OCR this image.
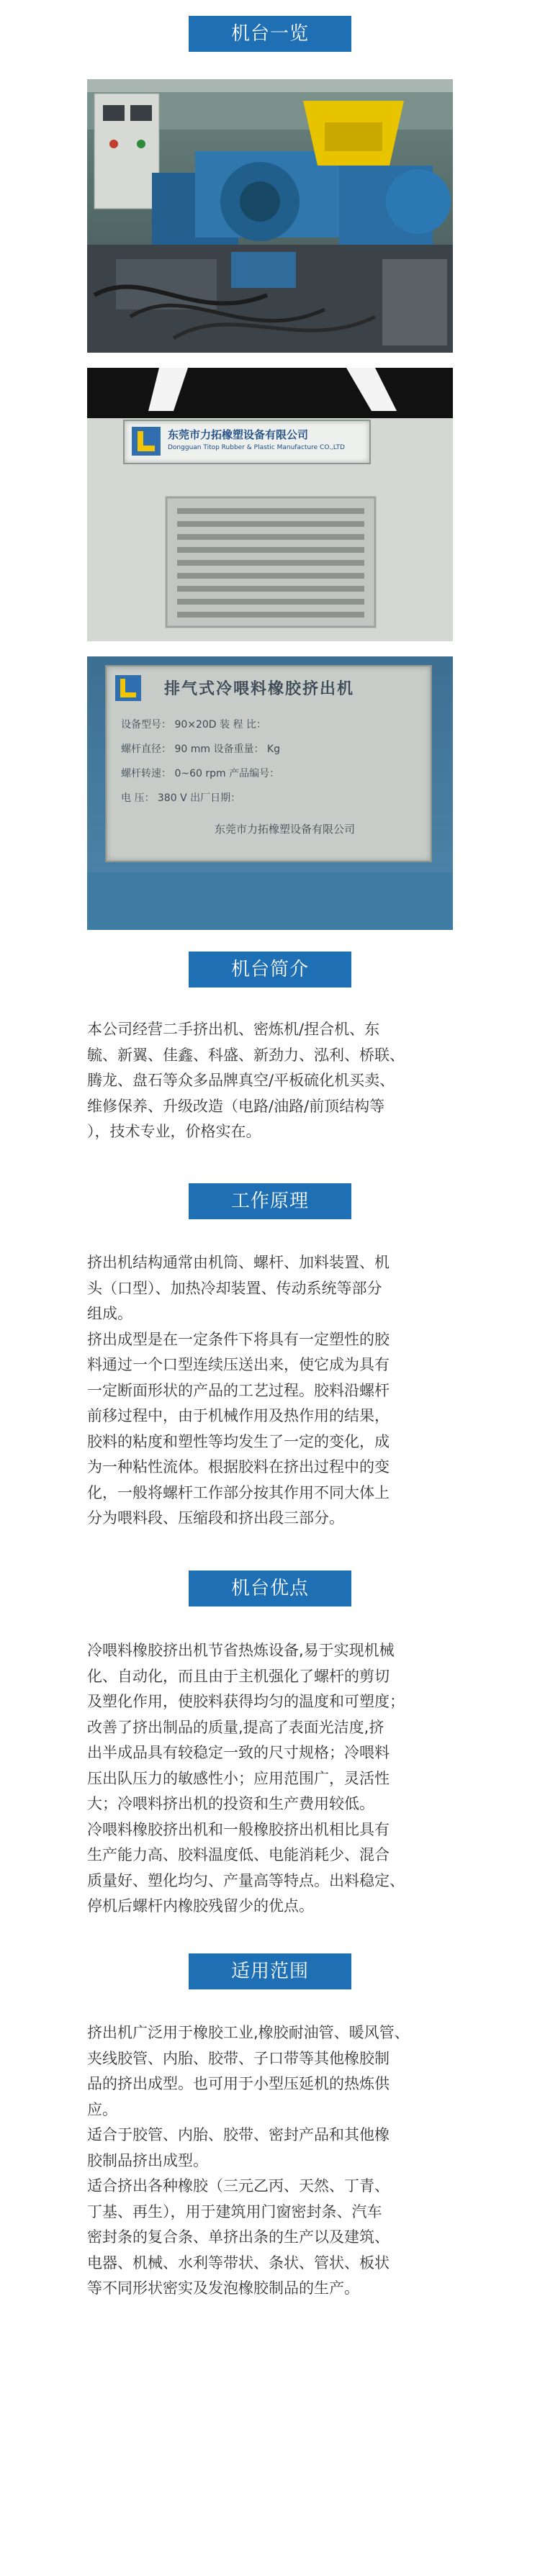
机台一览
东莞市力拓橡塑设备有限公司
Dongguan Titop Rubber & Plastic Manufacture CO.,LTD
排气式冷喂料橡胶挤出机
设备型号： 90×20D 装 程 比：
螺杆直径： 90 mm 设备重量： Kg
螺杆转速： 0~60 rpm 产品编号：
电 压： 380 V 出厂日期：
东莞市力拓橡塑设备有限公司
机台简介

本公司经营二手挤出机、密炼机/捏合机、东

毓、新翼、佳鑫、科盛、新劲力、泓利、桥联、

腾龙、盘石等众多品牌真空/平板硫化机买卖、

维修保养、升级改造（电路/油路/前顶结构等

），技术专业，价格实在。

工作原理

挤出机结构通常由机筒、螺杆、加料装置、机

头（口型）、加热冷却装置、传动系统等部分

组成。

挤出成型是在一定条件下将具有一定塑性的胶

料通过一个口型连续压送出来，使它成为具有

一定断面形状的产品的工艺过程。胶料沿螺杆

前移过程中，由于机械作用及热作用的结果，

胶料的粘度和塑性等均发生了一定的变化，成

为一种粘性流体。根据胶料在挤出过程中的变

化，一般将螺杆工作部分按其作用不同大体上

分为喂料段、压缩段和挤出段三部分。

机台优点

冷喂料橡胶挤出机节省热炼设备,易于实现机械

化、自动化，而且由于主机强化了螺杆的剪切

及塑化作用，使胶料获得均匀的温度和可塑度；

改善了挤出制品的质量,提高了表面光洁度,挤

出半成品具有较稳定一致的尺寸规格；冷喂料

压出队压力的敏感性小；应用范围广，灵活性

大；冷喂料挤出机的投资和生产费用较低。

冷喂料橡胶挤出机和一般橡胶挤出机相比具有

生产能力高、胶料温度低、电能消耗少、混合

质量好、塑化均匀、产量高等特点。出料稳定、

停机后螺杆内橡胶残留少的优点。

适用范围

挤出机广泛用于橡胶工业,橡胶耐油管、暖风管、

夹线胶管、内胎、胶带、子口带等其他橡胶制

品的挤出成型。也可用于小型压延机的热炼供

应。

适合于胶管、内胎、胶带、密封产品和其他橡

胶制品挤出成型。

适合挤出各种橡胶（三元乙丙、天然、丁青、

丁基、再生），用于建筑用门窗密封条、汽车

密封条的复合条、单挤出条的生产以及建筑、

电器、机械、水利等带状、条状、管状、板状

等不同形状密实及发泡橡胶制品的生产。
